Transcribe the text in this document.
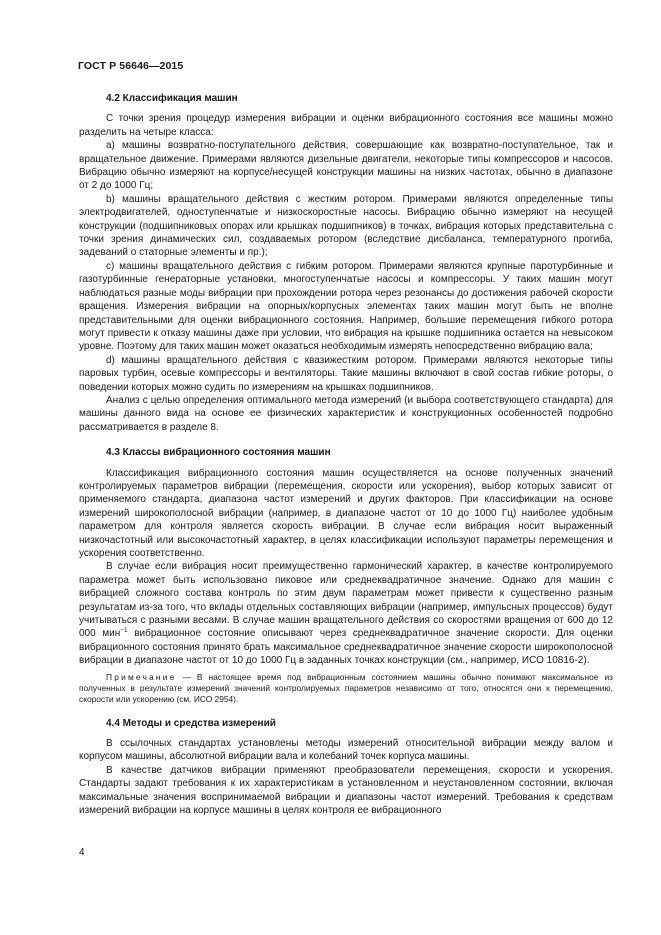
ГОСТ Р 56646—2015
4.2 Классификация машин

С точки зрения процедур измерения вибрации и оценки вибрационного состояния все машины можно разделить на четыре класса:

a) машины возвратно-поступательного действия, совершающие как возвратно-поступательное, так и вращательное движение. Примерами являются дизельные двигатели, некоторые типы компрессоров и насосов. Вибрацию обычно измеряют на корпусе/несущей конструкции машины на низких частотах, обычно в диапазоне от 2 до 1000 Гц;

b) машины вращательного действия с жестким ротором. Примерами являются определенные типы электродвигателей, одноступенчатые и низкоскоростные насосы. Вибрацию обычно измеряют на несущей конструкции (подшипниковых опорах или крышках подшипников) в точках, вибрация которых представительна с точки зрения динамических сил, создаваемых ротором (вследствие дисбаланса, температурного прогиба, задеваний о статорные элементы и пр.);

c) машины вращательного действия с гибким ротором. Примерами являются крупные паротурбинные и газотурбинные генераторные установки, многоступенчатые насосы и компрессоры. У таких машин могут наблюдаться разные моды вибрации при прохождении ротора через резонансы до достижения рабочей скорости вращения. Измерения вибрации на опорных/корпусных элементах таких машин могут быть не вполне представительными для оценки вибрационного состояния. Например, большие перемещения гибкого ротора могут привести к отказу машины даже при условии, что вибрация на крышке подшипника остается на невысоком уровне. Поэтому для таких машин может оказаться необходимым измерять непосредственно вибрацию вала;

d) машины вращательного действия с квазижестким ротором. Примерами являются некоторые типы паровых турбин, осевые компрессоры и вентиляторы. Такие машины включают в свой состав гибкие роторы, о поведении которых можно судить по измерениям на крышках подшипников.

Анализ с целью определения оптимального метода измерений (и выбора соответствующего стандарта) для машины данного вида на основе ее физических характеристик и конструкционных особенностей подробно рассматривается в разделе 8.

4.3 Классы вибрационного состояния машин

Классификация вибрационного состояния машин осуществляется на основе полученных значений контролируемых параметров вибрации (перемещения, скорости или ускорения), выбор которых зависит от применяемого стандарта, диапазона частот измерений и других факторов. При классификации на основе измерений широкополосной вибрации (например, в диапазоне частот от 10 до 1000 Гц) наиболее удобным параметром для контроля является скорость вибрации. В случае если вибрация носит выраженный низкочастотный или высокочастотный характер, в целях классификации используют параметры перемещения и ускорения соответственно.

В случае если вибрация носит преимущественно гармонический характер, в качестве контролируемого параметра может быть использовано пиковое или среднеквадратичное значение. Однако для машин с вибрацией сложного состава контроль по этим двум параметрам может привести к существенно разным результатам из-за того, что вклады отдельных составляющих вибрации (например, импульсных процессов) будут учитываться с разными весами. В случае машин вращательного действия со скоростями вращения от 600 до 12 000 мин$^{-1}$ вибрационное состояние описывают через среднеквадратичное значение скорости. Для оценки вибрационного состояния принято брать максимальное среднеквадратичное значение скорости широкополосной вибрации в диапазоне частот от 10 до 1000 Гц в заданных точках конструкции (см., например, ИСО 10816-2).

Примечание — В настоящее время под вибрационным состоянием машины обычно понимают максимальное из полученных в результате измерений значений контролируемых параметров независимо от того, относятся они к перемещению, скорости или ускорению (см. ИСО 2954).

4.4 Методы и средства измерений

В ссылочных стандартах установлены методы измерений относительной вибрации между валом и корпусом машины, абсолютной вибрации вала и колебаний точек корпуса машины.

В качестве датчиков вибрации применяют преобразователи перемещения, скорости и ускорения. Стандарты задают требования к их характеристикам в установленном и неустановленном состоянии, включая максимальные значения воспринимаемой вибрации и диапазоны частот измерений. Требования к средствам измерений вибрации на корпусе машины в целях контроля ее вибрационного

4
